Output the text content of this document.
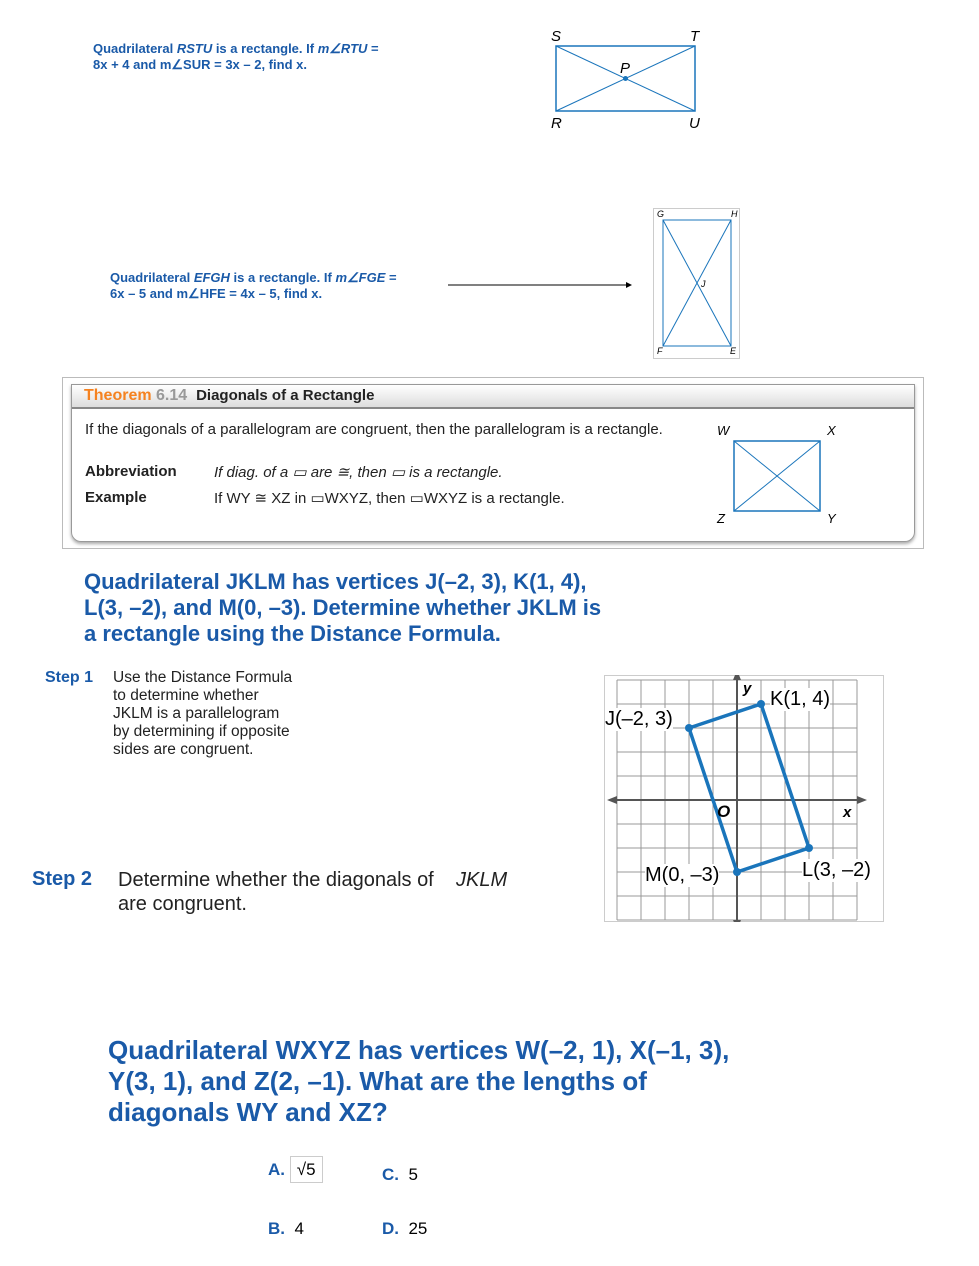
Quadrilateral RSTU is a rectangle. If m∠RTU =
8x + 4 and m∠SUR = 3x – 2, find x.
S	T
P
R	U
Quadrilateral EFGH is a rectangle. If m∠FGE =
6x – 5 and m∠HFE = 4x – 5, find x.
G	H
J
F	E
Theorem 6.14 Diagonals of a Rectangle
If the diagonals of a parallelogram are congruent, then the parallelogram is a rectangle.
Abbreviation If diag. of a ▭ are ≅, then ▭ is a rectangle.
Example	If WY ≅ XZ in ▭WXYZ, then ▭WXYZ is a rectangle.
W	X
Z	Y
Quadrilateral JKLM has vertices J(–2, 3), K(1, 4),
L(3, –2), and M(0, –3). Determine whether JKLM is
a rectangle using the Distance Formula.
Step 1 Use the Distance Formula to determine whether JKLM is a parallelogram by determining if opposite sides are congruent.
Step 2 Determine whether the diagonals of JKLM
are congruent.
y
x
O
J(–2, 3)
K(1, 4)
L(3, –2)
M(0, –3)
Quadrilateral WXYZ has vertices W(–2, 1), X(–1, 3),
Y(3, 1), and Z(2, –1). What are the lengths of
diagonals WY and XZ?
A. √5
B. 4
C. 5
D. 25
